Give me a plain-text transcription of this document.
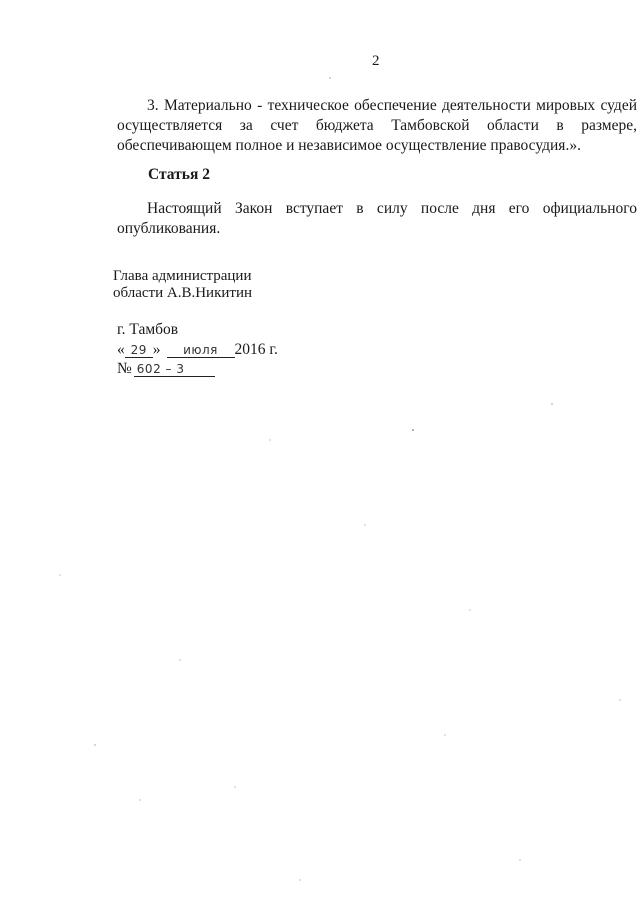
2
3. Материально - техническое обеспечение деятельности мировых судей осуществляется за счет бюджета Тамбовской области в размере, обеспечивающем полное и независимое осуществление правосудия.».
Статья 2
Настоящий Закон вступает в силу после дня его официального опубликования.
Глава администрации
области А.В.Никитин
г. Тамбов
« 29 » июля 2016 г.
№ 602 – 3
